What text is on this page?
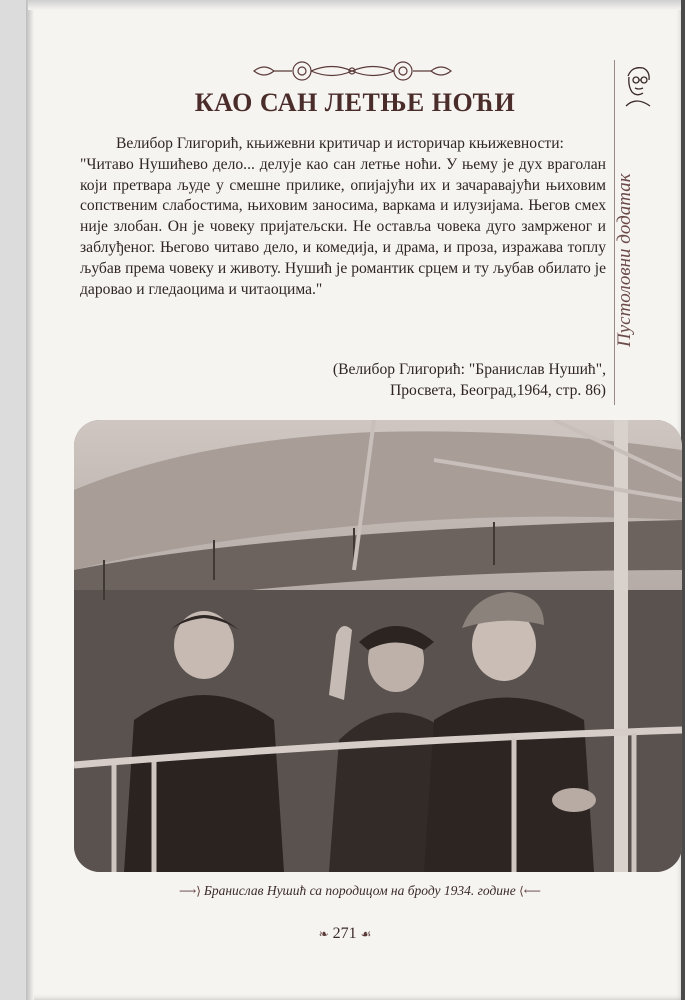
КАО САН ЛЕТЊЕ НОЋИ
Пустоловни додатак

Велибор Глигорић, књижевни критичар и историчар књижевности:

"Читаво Нушићево дело... делује као сан летње ноћи. У њему је дух враголан који претвара људе у смешне прилике, опијајући их и зачаравајући њиховим сопственим слабостима, њиховим заносима, варкама и илузијама. Његов смех није злобан. Он је човеку пријатељски. Не оставља човека дуго замрженог и заблуђеног. Његово читаво дело, и комедија, и драма, и проза, изражава топлу љубав према човеку и животу. Нушић је романтик срцем и ту љубав обилато је даровао и гледаоцима и читаоцима."

(Велибор Глигорић: "Бранислав Нушић",
Просвета, Београд,1964, стр. 86)
⟶⟩ Бранислав Нушић са породицом на броду 1934. године ⟨⟵
❧ 271 ☙
